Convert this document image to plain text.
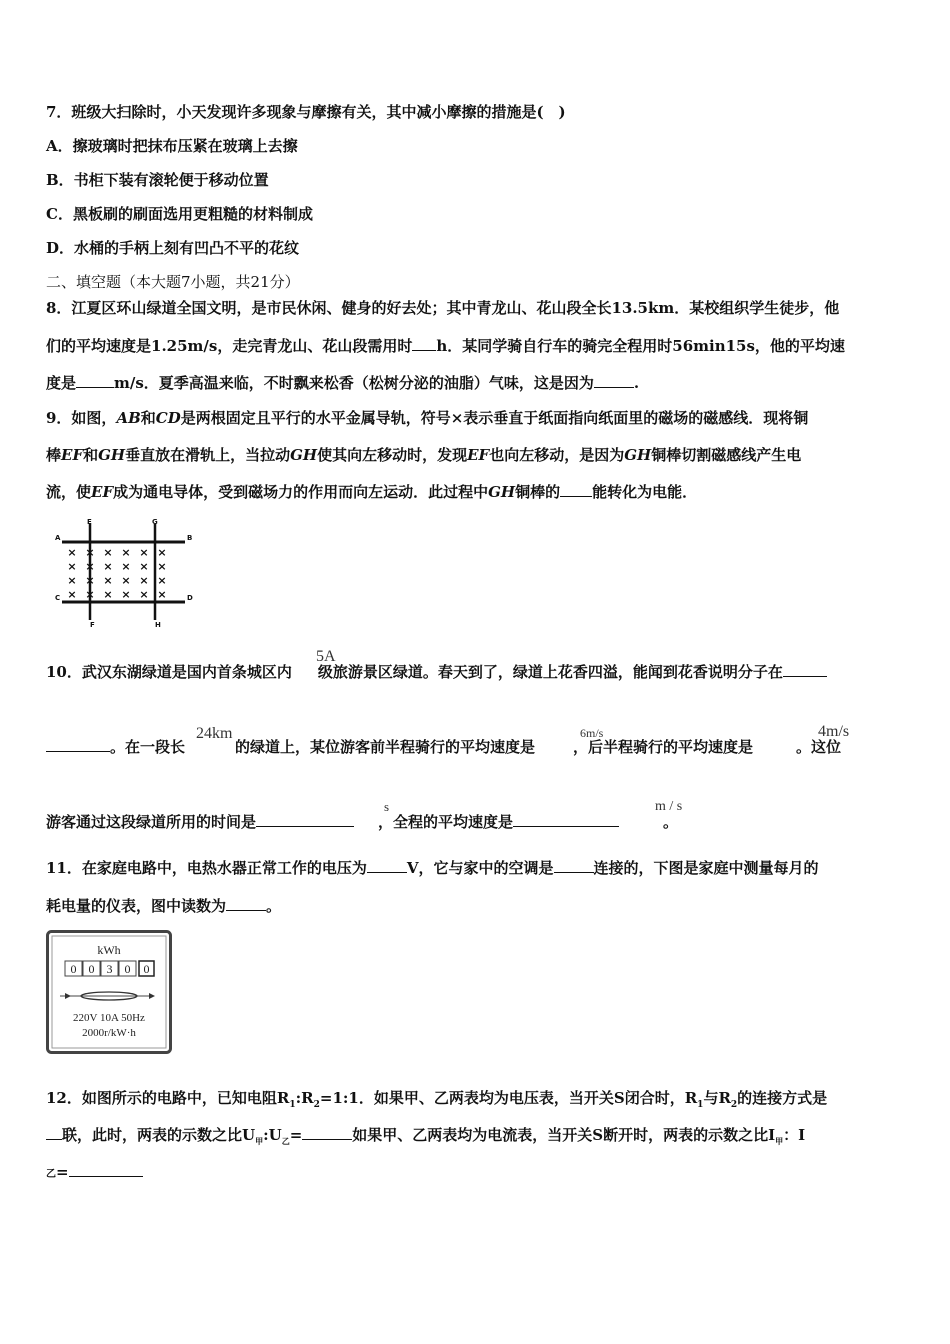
7．班级大扫除时，小天发现许多现象与摩擦有关，其中减小摩擦的措施是(　)
A．擦玻璃时把抹布压紧在玻璃上去擦
B．书柜下装有滚轮便于移动位置
C．黑板刷的刷面选用更粗糙的材料制成
D．水桶的手柄上刻有凹凸不平的花纹
二、填空题（本大题7小题，共21分）
8．江夏区环山绿道全国文明，是市民休闲、健身的好去处；其中青龙山、花山段全长13.5km．某校组织学生徒步，他
们的平均速度是1.25m/s，走完青龙山、花山段需用时 h．某同学骑自行车的骑完全程用时56min15s，他的平均速
度是	m/s．夏季高温来临，不时飘来松香（松树分泌的油脂）气味，这是因为	.
9．如图，AB和CD是两根固定且平行的水平金属导轨，符号×表示垂直于纸面指向纸面里的磁场的磁感线．现将铜
棒EF和GH垂直放在滑轨上，当拉动GH使其向左移动时，发现EF也向左移动，是因为GH铜棒切割磁感线产生电
流，使EF成为通电导体，受到磁场力的作用而向左运动．此过程中GH铜棒的 能转化为电能．
× × × × × ×
× × × × × ×
× × × × × ×
× × × × × ×
A	B
C	D
E
F
G
H
5A
10．武汉东湖绿道是国内首条城区内 级旅游景区绿道。春天到了，绿道上花香四溢，能闻到花香说明分子在
24km	6m/s	4m/s
。在一段长	的绿道上，某位游客前半程骑行的平均速度是	，后半程骑行的平均速度是	。这位
s	m / s
游客通过这段绿道所用的时间是	，全程的平均速度是	。
11．在家庭电路中，电热水器正常工作的电压为	V，它与家中的空调是	连接的，下图是家庭中测量每月的
耗电量的仪表，图中读数为	。
kWh
0 0 3 0 0
220V 10A 50Hz
2000r/kW·h
12．如图所示的电路中，已知电阻$R_1:R_2=1:1$．如果甲、乙两表均为电压表，当开关S闭合时，$R_1$与$R_2$的连接方式是
联，此时，两表的示数之比$U_甲:U_乙=$	如果甲、乙两表均为电流表，当开关S断开时，两表的示数之比$I_甲$：I
乙=
